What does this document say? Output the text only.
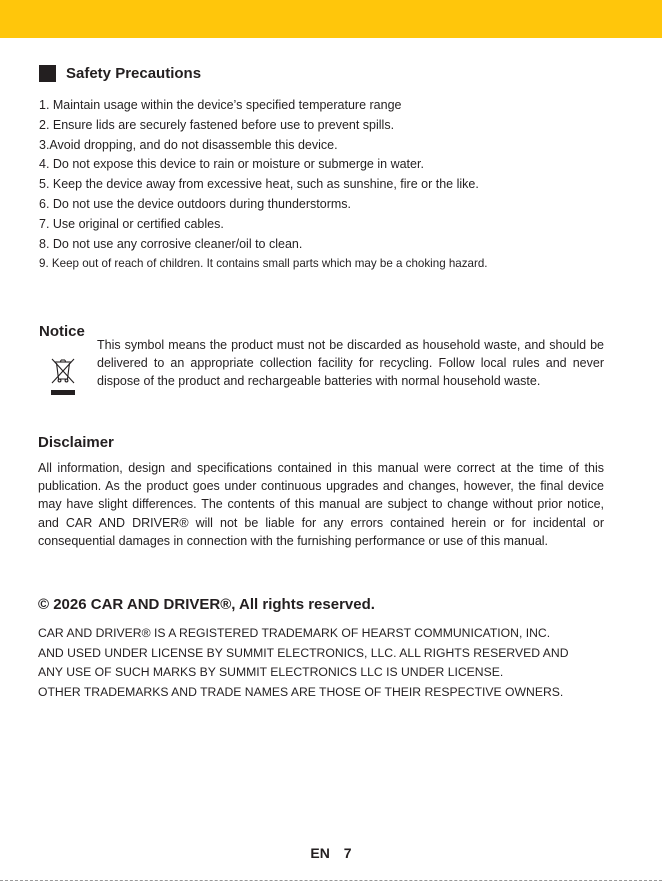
Safety Precautions
1. Maintain usage within the device’s specified temperature range
2. Ensure lids are securely fastened before use to prevent spills.
3.Avoid dropping, and do not disassemble this device.
4. Do not expose this device to rain or moisture or submerge in water.
5. Keep the device away from excessive heat, such as sunshine, fire or the like.
6. Do not use the device outdoors during thunderstorms.
7. Use original or certified cables.
8. Do not use any corrosive cleaner/oil to clean.
9. Keep out of reach of children. It contains small parts which may be a choking hazard.
Notice
This symbol means the product must not be discarded as household waste, and should be delivered to an appropriate collection facility for recycling. Follow local rules and never dispose of the product and rechargeable batteries with normal household waste.
Disclaimer
All information, design and specifications contained in this manual were correct at the time of this publication. As the product goes under continuous upgrades and changes, however, the final device may have slight differences. The contents of this manual are subject to change without prior notice, and CAR AND DRIVER® will not be liable for any errors contained herein or for incidental or consequential damages in connection with the furnishing performance or use of this manual.
© 2026 CAR AND DRIVER®, All rights reserved.
CAR AND DRIVER® IS A REGISTERED TRADEMARK OF HEARST COMMUNICATION, INC.
AND USED UNDER LICENSE BY SUMMIT ELECTRONICS, LLC. ALL RIGHTS RESERVED AND
ANY USE OF SUCH MARKS BY SUMMIT ELECTRONICS LLC IS UNDER LICENSE.
OTHER TRADEMARKS AND TRADE NAMES ARE THOSE OF THEIR RESPECTIVE OWNERS.
EN 7
